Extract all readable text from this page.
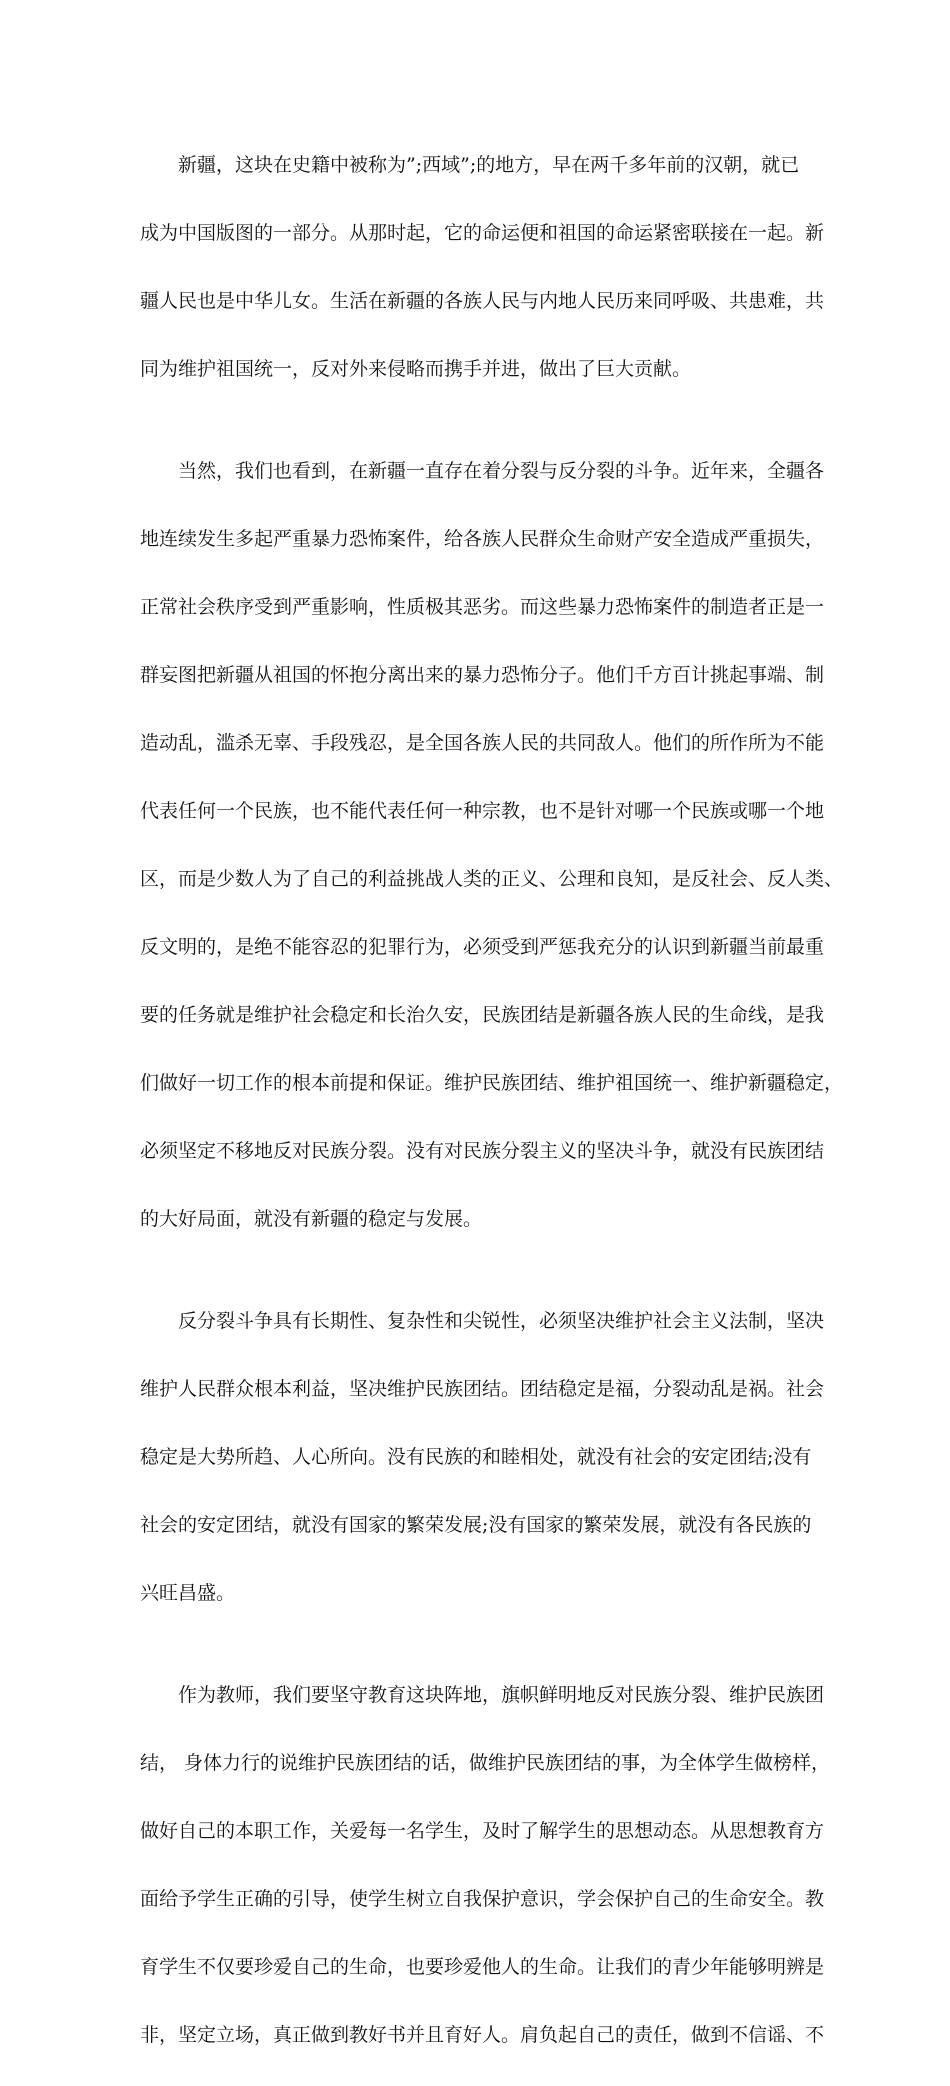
　　新疆，这块在史籍中被称为”;西域”;的地方，早在两千多年前的汉朝，就已

成为中国版图的一部分。从那时起，它的命运便和祖国的命运紧密联接在一起。新

疆人民也是中华儿女。生活在新疆的各族人民与内地人民历来同呼吸、共患难，共

同为维护祖国统一，反对外来侵略而携手并进，做出了巨大贡献。

　　当然，我们也看到，在新疆一直存在着分裂与反分裂的斗争。近年来，全疆各

地连续发生多起严重暴力恐怖案件，给各族人民群众生命财产安全造成严重损失，

正常社会秩序受到严重影响，性质极其恶劣。而这些暴力恐怖案件的制造者正是一

群妄图把新疆从祖国的怀抱分离出来的暴力恐怖分子。他们千方百计挑起事端、制

造动乱，滥杀无辜、手段残忍，是全国各族人民的共同敌人。他们的所作所为不能

代表任何一个民族，也不能代表任何一种宗教，也不是针对哪一个民族或哪一个地

区，而是少数人为了自己的利益挑战人类的正义、公理和良知，是反社会、反人类、

反文明的，是绝不能容忍的犯罪行为，必须受到严惩我充分的认识到新疆当前最重

要的任务就是维护社会稳定和长治久安，民族团结是新疆各族人民的生命线，是我

们做好一切工作的根本前提和保证。维护民族团结、维护祖国统一、维护新疆稳定，

必须坚定不移地反对民族分裂。没有对民族分裂主义的坚决斗争，就没有民族团结

的大好局面，就没有新疆的稳定与发展。

　　反分裂斗争具有长期性、复杂性和尖锐性，必须坚决维护社会主义法制，坚决

维护人民群众根本利益，坚决维护民族团结。团结稳定是福，分裂动乱是祸。社会

稳定是大势所趋、人心所向。没有民族的和睦相处，就没有社会的安定团结;没有

社会的安定团结，就没有国家的繁荣发展;没有国家的繁荣发展，就没有各民族的

兴旺昌盛。

　　作为教师，我们要坚守教育这块阵地，旗帜鲜明地反对民族分裂、维护民族团

结， 身体力行的说维护民族团结的话，做维护民族团结的事，为全体学生做榜样，

做好自己的本职工作，关爱每一名学生，及时了解学生的思想动态。从思想教育方

面给予学生正确的引导，使学生树立自我保护意识，学会保护自己的生命安全。教

育学生不仅要珍爱自己的生命，也要珍爱他人的生命。让我们的青少年能够明辨是

非，坚定立场，真正做到教好书并且育好人。肩负起自己的责任，做到不信谣、不
